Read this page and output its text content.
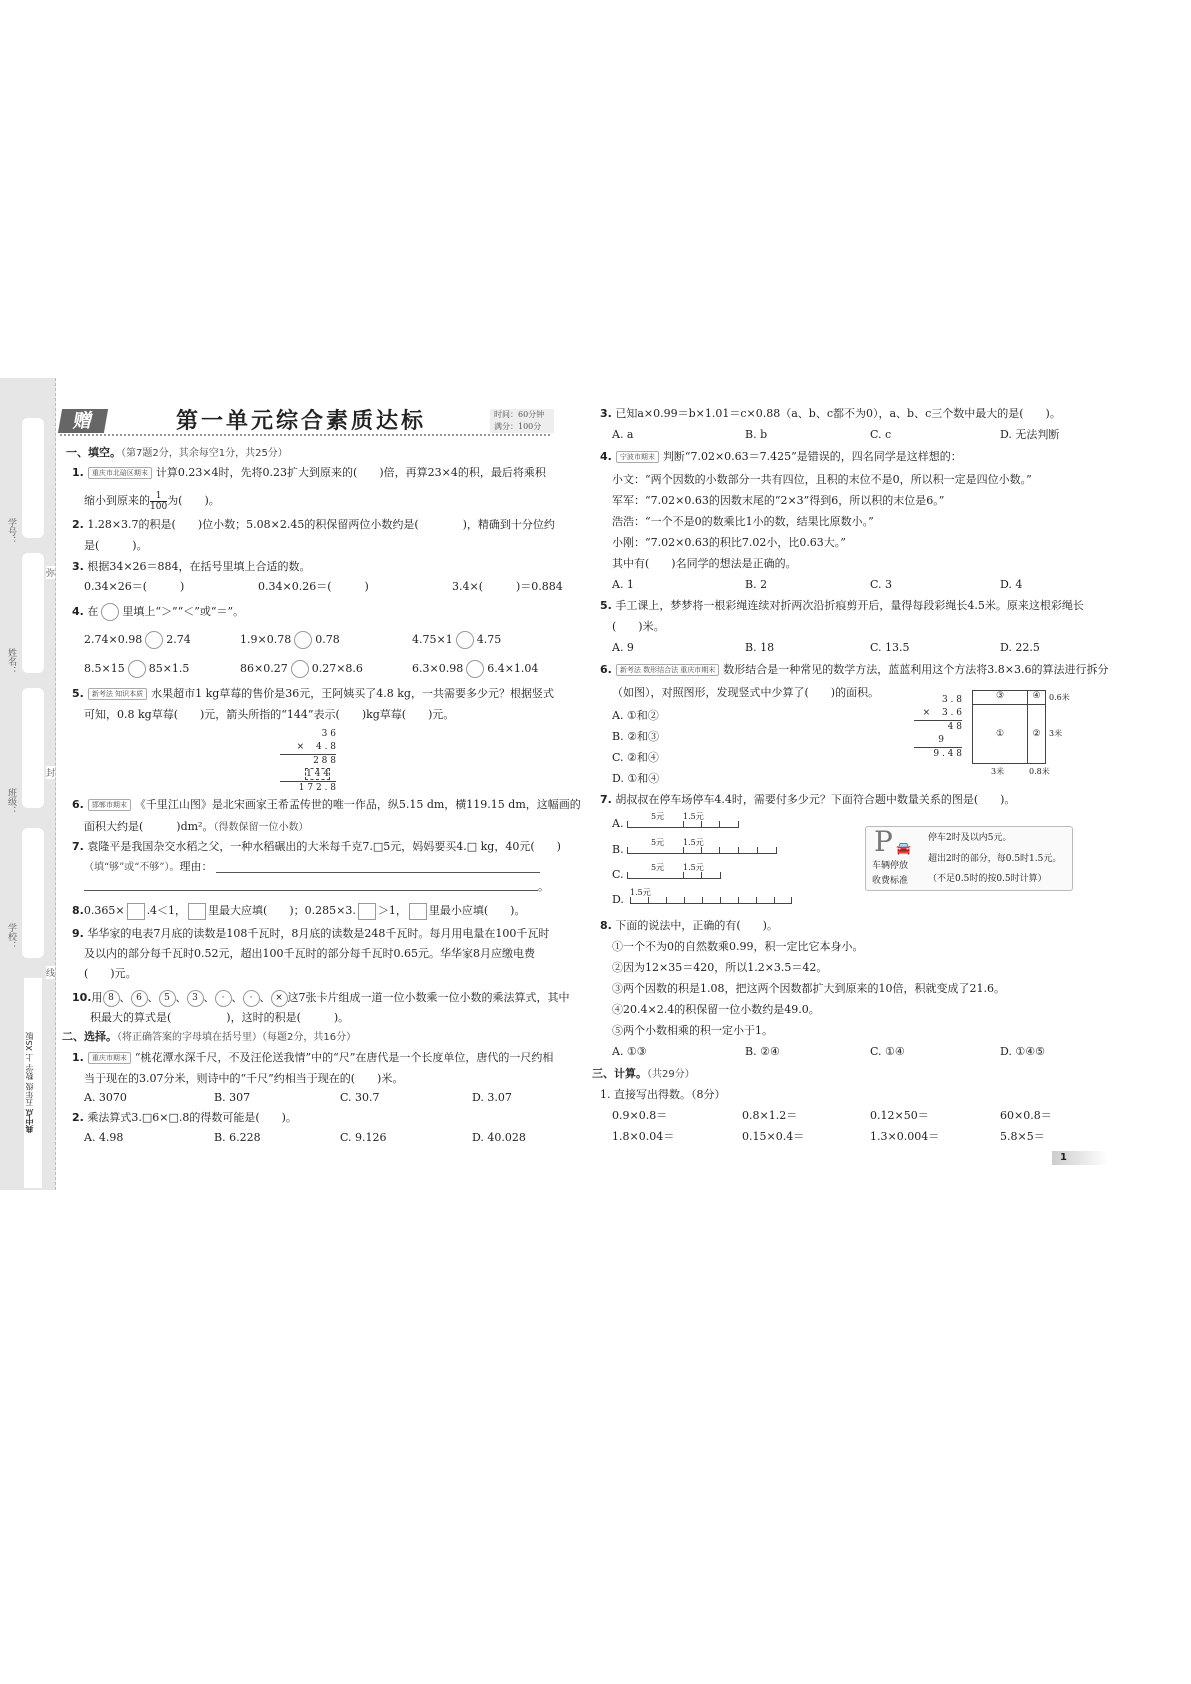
学号：
姓名：
班级：
学校：
弥
封
线
典中点 五年级 数学 上 XS版
赠	第一单元综合素质达标	时间：60分钟
满分：100分
一、填空。（第7题2分，其余每空1分，共25分）
1. 重庆市北碚区期末 计算0.23×4时，先将0.23扩大到原来的(　　)倍，再算23×4的积，最后将乘积
缩小到原来的 $\frac{1}{100}$ 为(　　)。
2. 1.28×3.7的积是(　　)位小数；5.08×2.45的积保留两位小数约是(　　　　)，精确到十分位约
是(　　　)。
3. 根据34×26＝884，在括号里填上合适的数。
0.34×26＝(　　　)	0.34×0.26＝(　　　)	3.4×(　　　)＝0.884
4. 在 里填上“＞”“＜”或“＝”。
2.74×0.98 2.74	1.9×0.78 0.78	4.75×1 4.75
8.5×15 85×1.5	86×0.27 0.27×8.6	6.3×0.98 6.4×1.04
5. 新考法 知识本质 水果超市1 kg草莓的售价是36元，王阿姨买了4.8 kg，一共需要多少元？根据竖式
可知，0.8 kg草莓(　　)元，箭头所指的“144”表示(　　)kg草莓(　　)元。
3 6
× 　4 . 8
2 8 8
1 4 4
1 7 2 . 8
6. 邯郸市期末 《千里江山图》是北宋画家王希孟传世的唯一作品，纵5.15 dm，横119.15 dm，这幅画的
面积大约是(　　　)dm²。（得数保留一位小数）
7. 袁隆平是我国杂交水稻之父，一种水稻碾出的大米每千克7.□5元，妈妈要买4.□ kg，40元(　　)
（填“够”或“不够”）。理由：
。
8.0.365× .4＜1， 里最大应填(　　)；0.285×3. ＞1， 里最小应填(　　)。
9. 华华家的电表7月底的读数是108千瓦时，8月底的读数是248千瓦时。每月用电量在100千瓦时
及以内的部分每千瓦时0.52元，超出100千瓦时的部分每千瓦时0.65元。华华家8月应缴电费
(　　)元。
10.用 8 、 6 、 5 、 3 、 · 、 · 、 × 这7张卡片组成一道一位小数乘一位小数的乘法算式，其中
积最大的算式是(　　　　　)，这时的积是(　　　)。
二、选择。（将正确答案的字母填在括号里）（每题2分，共16分）
1. 重庆市期末 “桃花潭水深千尺，不及汪伦送我情”中的“尺”在唐代是一个长度单位，唐代的一尺约相
当于现在的3.07分米，则诗中的“千尺”约相当于现在的(　　)米。
A. 3070	B. 307	C. 30.7	D. 3.07
2. 乘法算式3.□6×□.8的得数可能是(　　)。
A. 4.98	B. 6.228	C. 9.126	D. 40.028
3. 已知a×0.99＝b×1.01＝c×0.88（a、b、c都不为0），a、b、c三个数中最大的是(　　)。
A. a	B. b	C. c	D. 无法判断
4. 宁波市期末 判断“7.02×0.63＝7.425”是错误的，四名同学是这样想的：
小文：“两个因数的小数部分一共有四位，且积的末位不是0，所以积一定是四位小数。”
军军：“7.02×0.63的因数末尾的“2×3”得到6，所以积的末位是6。”
浩浩：“一个不是0的数乘比1小的数，结果比原数小。”
小刚：“7.02×0.63的积比7.02小，比0.63大。”
其中有(　　)名同学的想法是正确的。
A. 1	B. 2	C. 3	D. 4
5. 手工课上，梦梦将一根彩绳连续对折两次沿折痕剪开后，量得每段彩绳长4.5米。原来这根彩绳长
(　　)米。
A. 9	B. 18	C. 13.5	D. 22.5
6. 新考法 数形结合法 重庆市期末 数形结合是一种常见的数学方法，蓝蓝利用这个方法将3.8×3.6的算法进行拆分
（如图），对照图形，发现竖式中少算了(　　)的面积。
A. ①和②
B. ②和③
C. ②和④
D. ①和④
3 . 8
× 　3 . 6
4 8
9
9 . 4 8
③	④
①	②
3米	0.8米
0.6米
3米
7. 胡叔叔在停车场停车4.4时，需要付多少元？下面符合题中数量关系的图是(　　)。
A.
B.
C.
D.
5元 1.5元
5元 1.5元
5元 1.5元
1.5元
P 🚘
车辆停放
收费标准
停车2时及以内5元。
超出2时的部分，每0.5时1.5元。
（不足0.5时的按0.5时计算）
8. 下面的说法中，正确的有(　　)。
①一个不为0的自然数乘0.99，积一定比它本身小。
②因为12×35＝420，所以1.2×3.5＝42。
③两个因数的积是1.08，把这两个因数都扩大到原来的10倍，积就变成了21.6。
④20.4×2.4的积保留一位小数约是49.0。
⑤两个小数相乘的积一定小于1。
A. ①③	B. ②④	C. ①④	D. ①④⑤
三、计算。（共29分）
1. 直接写出得数。（8分）
0.9×0.8＝	0.8×1.2＝	0.12×50＝	60×0.8＝
1.8×0.04＝	0.15×0.4＝	1.3×0.004＝	5.8×5＝
1
